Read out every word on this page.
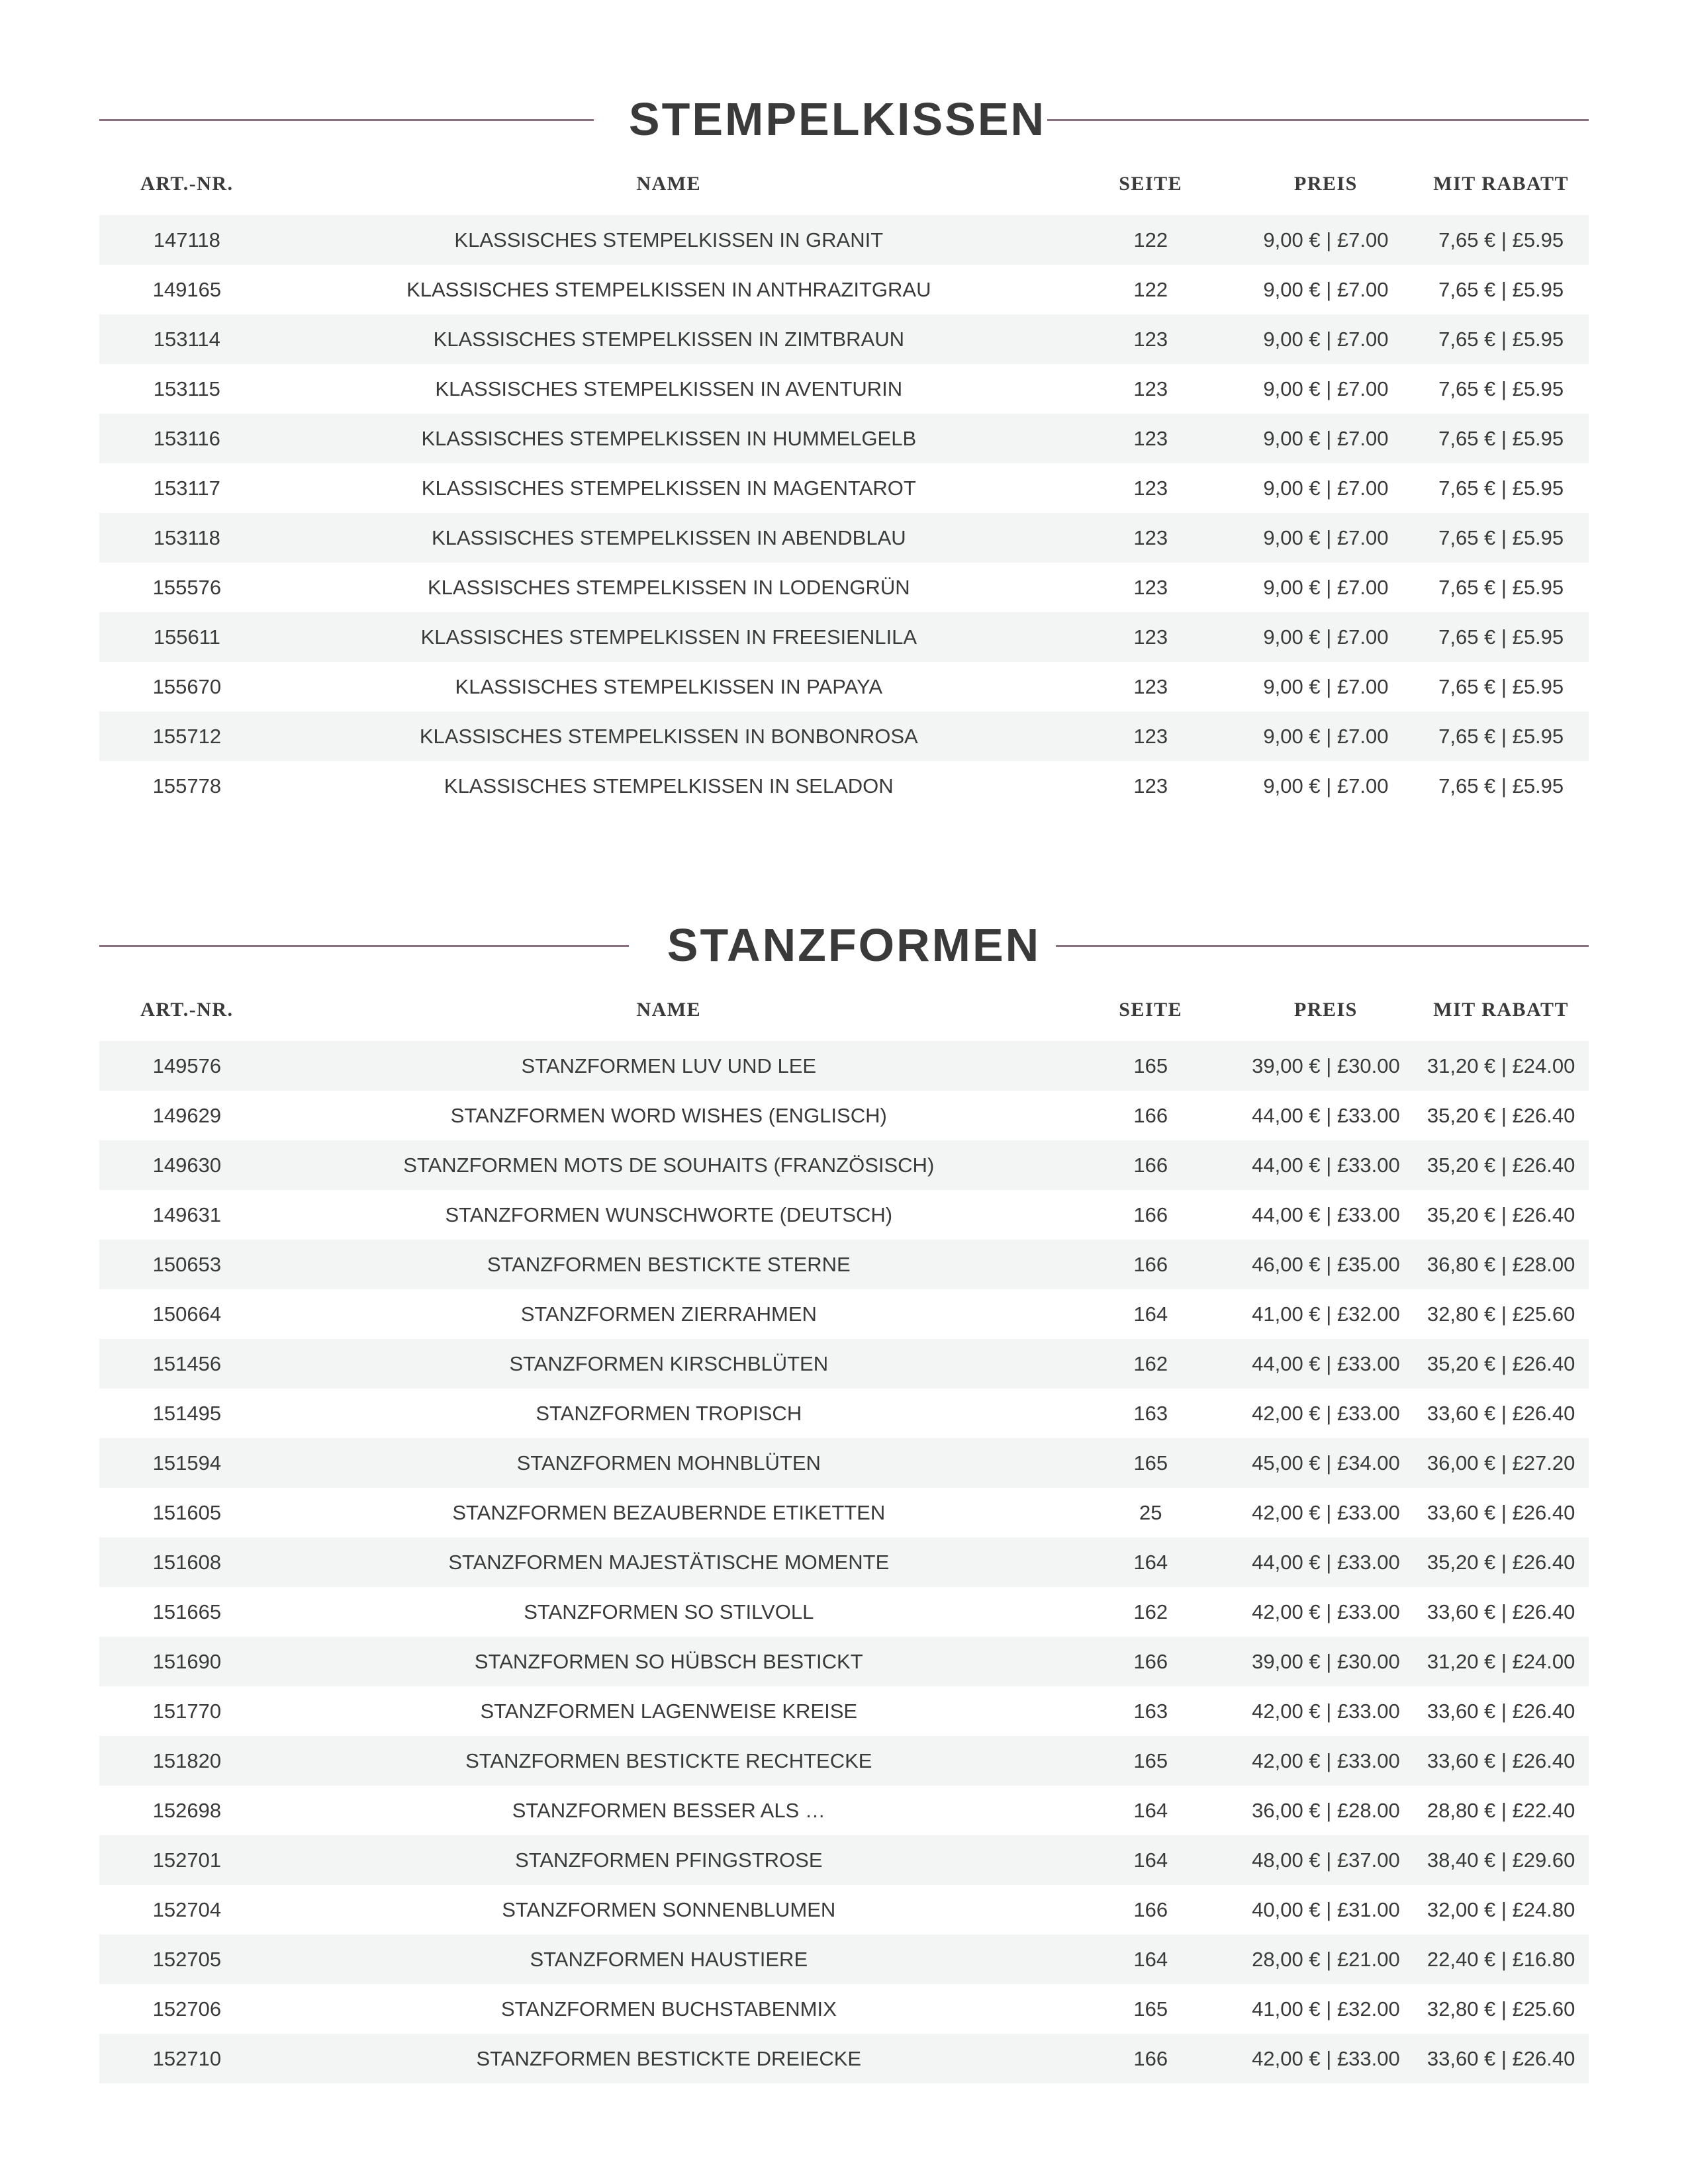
STEMPELKISSEN
ART.-NR.	NAME	SEITE	PREIS	MIT RABATT
147118	KLASSISCHES STEMPELKISSEN IN GRANIT	122	9,00 € | £7.00	7,65 € | £5.95
149165	KLASSISCHES STEMPELKISSEN IN ANTHRAZITGRAU	122	9,00 € | £7.00	7,65 € | £5.95
153114	KLASSISCHES STEMPELKISSEN IN ZIMTBRAUN	123	9,00 € | £7.00	7,65 € | £5.95
153115	KLASSISCHES STEMPELKISSEN IN AVENTURIN	123	9,00 € | £7.00	7,65 € | £5.95
153116	KLASSISCHES STEMPELKISSEN IN HUMMELGELB	123	9,00 € | £7.00	7,65 € | £5.95
153117	KLASSISCHES STEMPELKISSEN IN MAGENTAROT	123	9,00 € | £7.00	7,65 € | £5.95
153118	KLASSISCHES STEMPELKISSEN IN ABENDBLAU	123	9,00 € | £7.00	7,65 € | £5.95
155576	KLASSISCHES STEMPELKISSEN IN LODENGRÜN	123	9,00 € | £7.00	7,65 € | £5.95
155611	KLASSISCHES STEMPELKISSEN IN FREESIENLILA	123	9,00 € | £7.00	7,65 € | £5.95
155670	KLASSISCHES STEMPELKISSEN IN PAPAYA	123	9,00 € | £7.00	7,65 € | £5.95
155712	KLASSISCHES STEMPELKISSEN IN BONBONROSA	123	9,00 € | £7.00	7,65 € | £5.95
155778	KLASSISCHES STEMPELKISSEN IN SELADON	123	9,00 € | £7.00	7,65 € | £5.95
STANZFORMEN
ART.-NR.	NAME	SEITE	PREIS	MIT RABATT
149576	STANZFORMEN LUV UND LEE	165	39,00 € | £30.00	31,20 € | £24.00
149629	STANZFORMEN WORD WISHES (ENGLISCH)	166	44,00 € | £33.00	35,20 € | £26.40
149630	STANZFORMEN MOTS DE SOUHAITS (FRANZÖSISCH)	166	44,00 € | £33.00	35,20 € | £26.40
149631	STANZFORMEN WUNSCHWORTE (DEUTSCH)	166	44,00 € | £33.00	35,20 € | £26.40
150653	STANZFORMEN BESTICKTE STERNE	166	46,00 € | £35.00	36,80 € | £28.00
150664	STANZFORMEN ZIERRAHMEN	164	41,00 € | £32.00	32,80 € | £25.60
151456	STANZFORMEN KIRSCHBLÜTEN	162	44,00 € | £33.00	35,20 € | £26.40
151495	STANZFORMEN TROPISCH	163	42,00 € | £33.00	33,60 € | £26.40
151594	STANZFORMEN MOHNBLÜTEN	165	45,00 € | £34.00	36,00 € | £27.20
151605	STANZFORMEN BEZAUBERNDE ETIKETTEN	25	42,00 € | £33.00	33,60 € | £26.40
151608	STANZFORMEN MAJESTÄTISCHE MOMENTE	164	44,00 € | £33.00	35,20 € | £26.40
151665	STANZFORMEN SO STILVOLL	162	42,00 € | £33.00	33,60 € | £26.40
151690	STANZFORMEN SO HÜBSCH BESTICKT	166	39,00 € | £30.00	31,20 € | £24.00
151770	STANZFORMEN LAGENWEISE KREISE	163	42,00 € | £33.00	33,60 € | £26.40
151820	STANZFORMEN BESTICKTE RECHTECKE	165	42,00 € | £33.00	33,60 € | £26.40
152698	STANZFORMEN BESSER ALS …	164	36,00 € | £28.00	28,80 € | £22.40
152701	STANZFORMEN PFINGSTROSE	164	48,00 € | £37.00	38,40 € | £29.60
152704	STANZFORMEN SONNENBLUMEN	166	40,00 € | £31.00	32,00 € | £24.80
152705	STANZFORMEN HAUSTIERE	164	28,00 € | £21.00	22,40 € | £16.80
152706	STANZFORMEN BUCHSTABENMIX	165	41,00 € | £32.00	32,80 € | £25.60
152710	STANZFORMEN BESTICKTE DREIECKE	166	42,00 € | £33.00	33,60 € | £26.40
